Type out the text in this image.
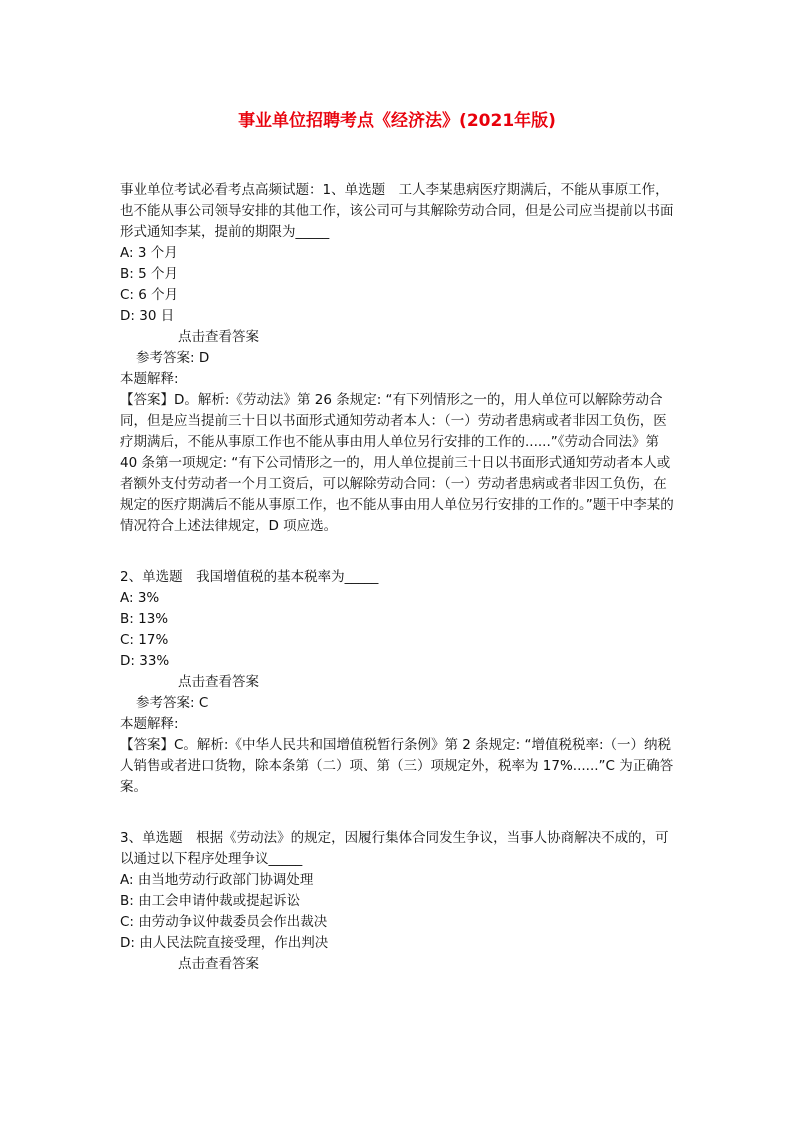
事业单位招聘考点《经济法》(2021年版)

事业单位考试必看考点高频试题：1、单选题　工人李某患病医疗期满后，不能从事原工作，也不能从事公司领导安排的其他工作，该公司可与其解除劳动合同，但是公司应当提前以书面形式通知李某，提前的期限为_____

A: 3 个月

B: 5 个月

C: 6 个月

D: 30 日

点击查看答案

参考答案: D

本题解释:

【答案】D。解析:《劳动法》第 26 条规定: “有下列情形之一的，用人单位可以解除劳动合同，但是应当提前三十日以书面形式通知劳动者本人：（一）劳动者患病或者非因工负伤，医疗期满后，不能从事原工作也不能从事由用人单位另行安排的工作的......”《劳动合同法》第 40 条第一项规定: “有下公司情形之一的，用人单位提前三十日以书面形式通知劳动者本人或者额外支付劳动者一个月工资后，可以解除劳动合同：（一）劳动者患病或者非因工负伤，在规定的医疗期满后不能从事原工作，也不能从事由用人单位另行安排的工作的。”题干中李某的情况符合上述法律规定，D 项应选。

2、单选题　我国增值税的基本税率为_____

A: 3%

B: 13%

C: 17%

D: 33%

点击查看答案

参考答案: C

本题解释:

【答案】C。解析:《中华人民共和国增值税暂行条例》第 2 条规定: “增值税税率:（一）纳税人销售或者进口货物，除本条第（二）项、第（三）项规定外，税率为 17%......”C 为正确答案。

3、单选题　根据《劳动法》的规定，因履行集体合同发生争议，当事人协商解决不成的，可以通过以下程序处理争议_____

A: 由当地劳动行政部门协调处理

B: 由工会申请仲裁或提起诉讼

C: 由劳动争议仲裁委员会作出裁决

D: 由人民法院直接受理，作出判决

点击查看答案
